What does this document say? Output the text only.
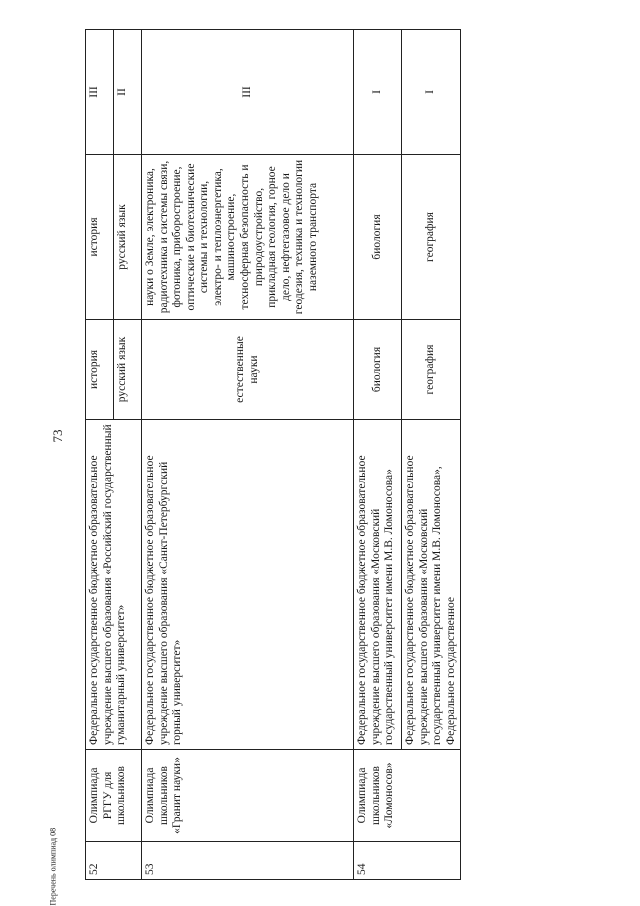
73
52	Олимпиада РГГУ для школьников	Федеральное государственное бюджетное образовательное учреждение высшего образования «Российский государственный гуманитарный университет»	история	история	III
			русский язык	русский язык	II
53	Олимпиада школьников «Гранит науки»	Федеральное государственное бюджетное образовательное учреждение высшего образования «Санкт-Петербургский горный университет»	естественные науки	науки о Земле, электроника, радиотехника и системы связи, фотоника, приборостроение, оптические и биотехнические системы и технологии, электро- и теплоэнергетика, машиностроение, техносферная безопасность и природоустройство, прикладная геология, горное дело, нефтегазовое дело и геодезия, техника и технологии наземного транспорта	III
54	Олимпиада школьников «Ломоносов»	Федеральное государственное бюджетное образовательное учреждение высшего образования «Московский государственный университет имени М.В. Ломоносова»	биология	биология	I
		Федеральное государственное бюджетное образовательное учреждение высшего образования «Московский государственный университет имени М.В. Ломоносова», Федеральное государственное	география	география	I
Перечень олимпиад 08
